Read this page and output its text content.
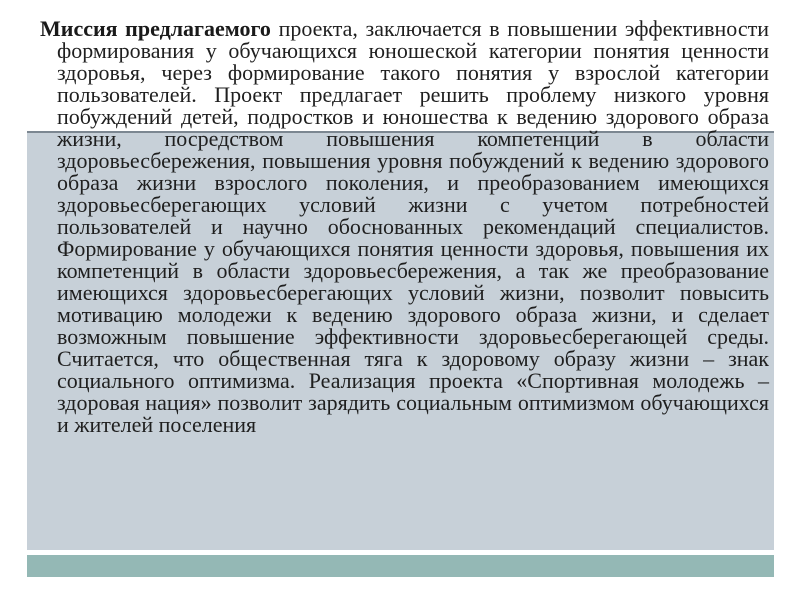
Миссия предлагаемого проекта, заключается в повышении эффективности формирования у обучающихся юношеской категории понятия ценности здоровья, через формирование такого понятия у взрослой категории пользователей. Проект предлагает решить проблему низкого уровня побуждений детей, подростков и юношества к ведению здорового образа жизни, посредством повышения компетенций в области здоровьесбережения, повышения уровня побуждений к ведению здорового образа жизни взрослого поколения, и преобразованием имеющихся здоровьесберегающих условий жизни с учетом потребностей пользователей и научно обоснованных рекомендаций специалистов. Формирование у обучающихся понятия ценности здоровья, повышения их компетенций в области здоровьесбережения, а так же преобразование имеющихся здоровьесберегающих условий жизни, позволит повысить мотивацию молодежи к ведению здорового образа жизни, и сделает возможным повышение эффективности здоровьесберегающей среды. Считается, что общественная тяга к здоровому образу жизни – знак социального оптимизма. Реализация проекта «Спортивная молодежь – здоровая нация» позволит зарядить социальным оптимизмом обучающихся и жителей поселения
